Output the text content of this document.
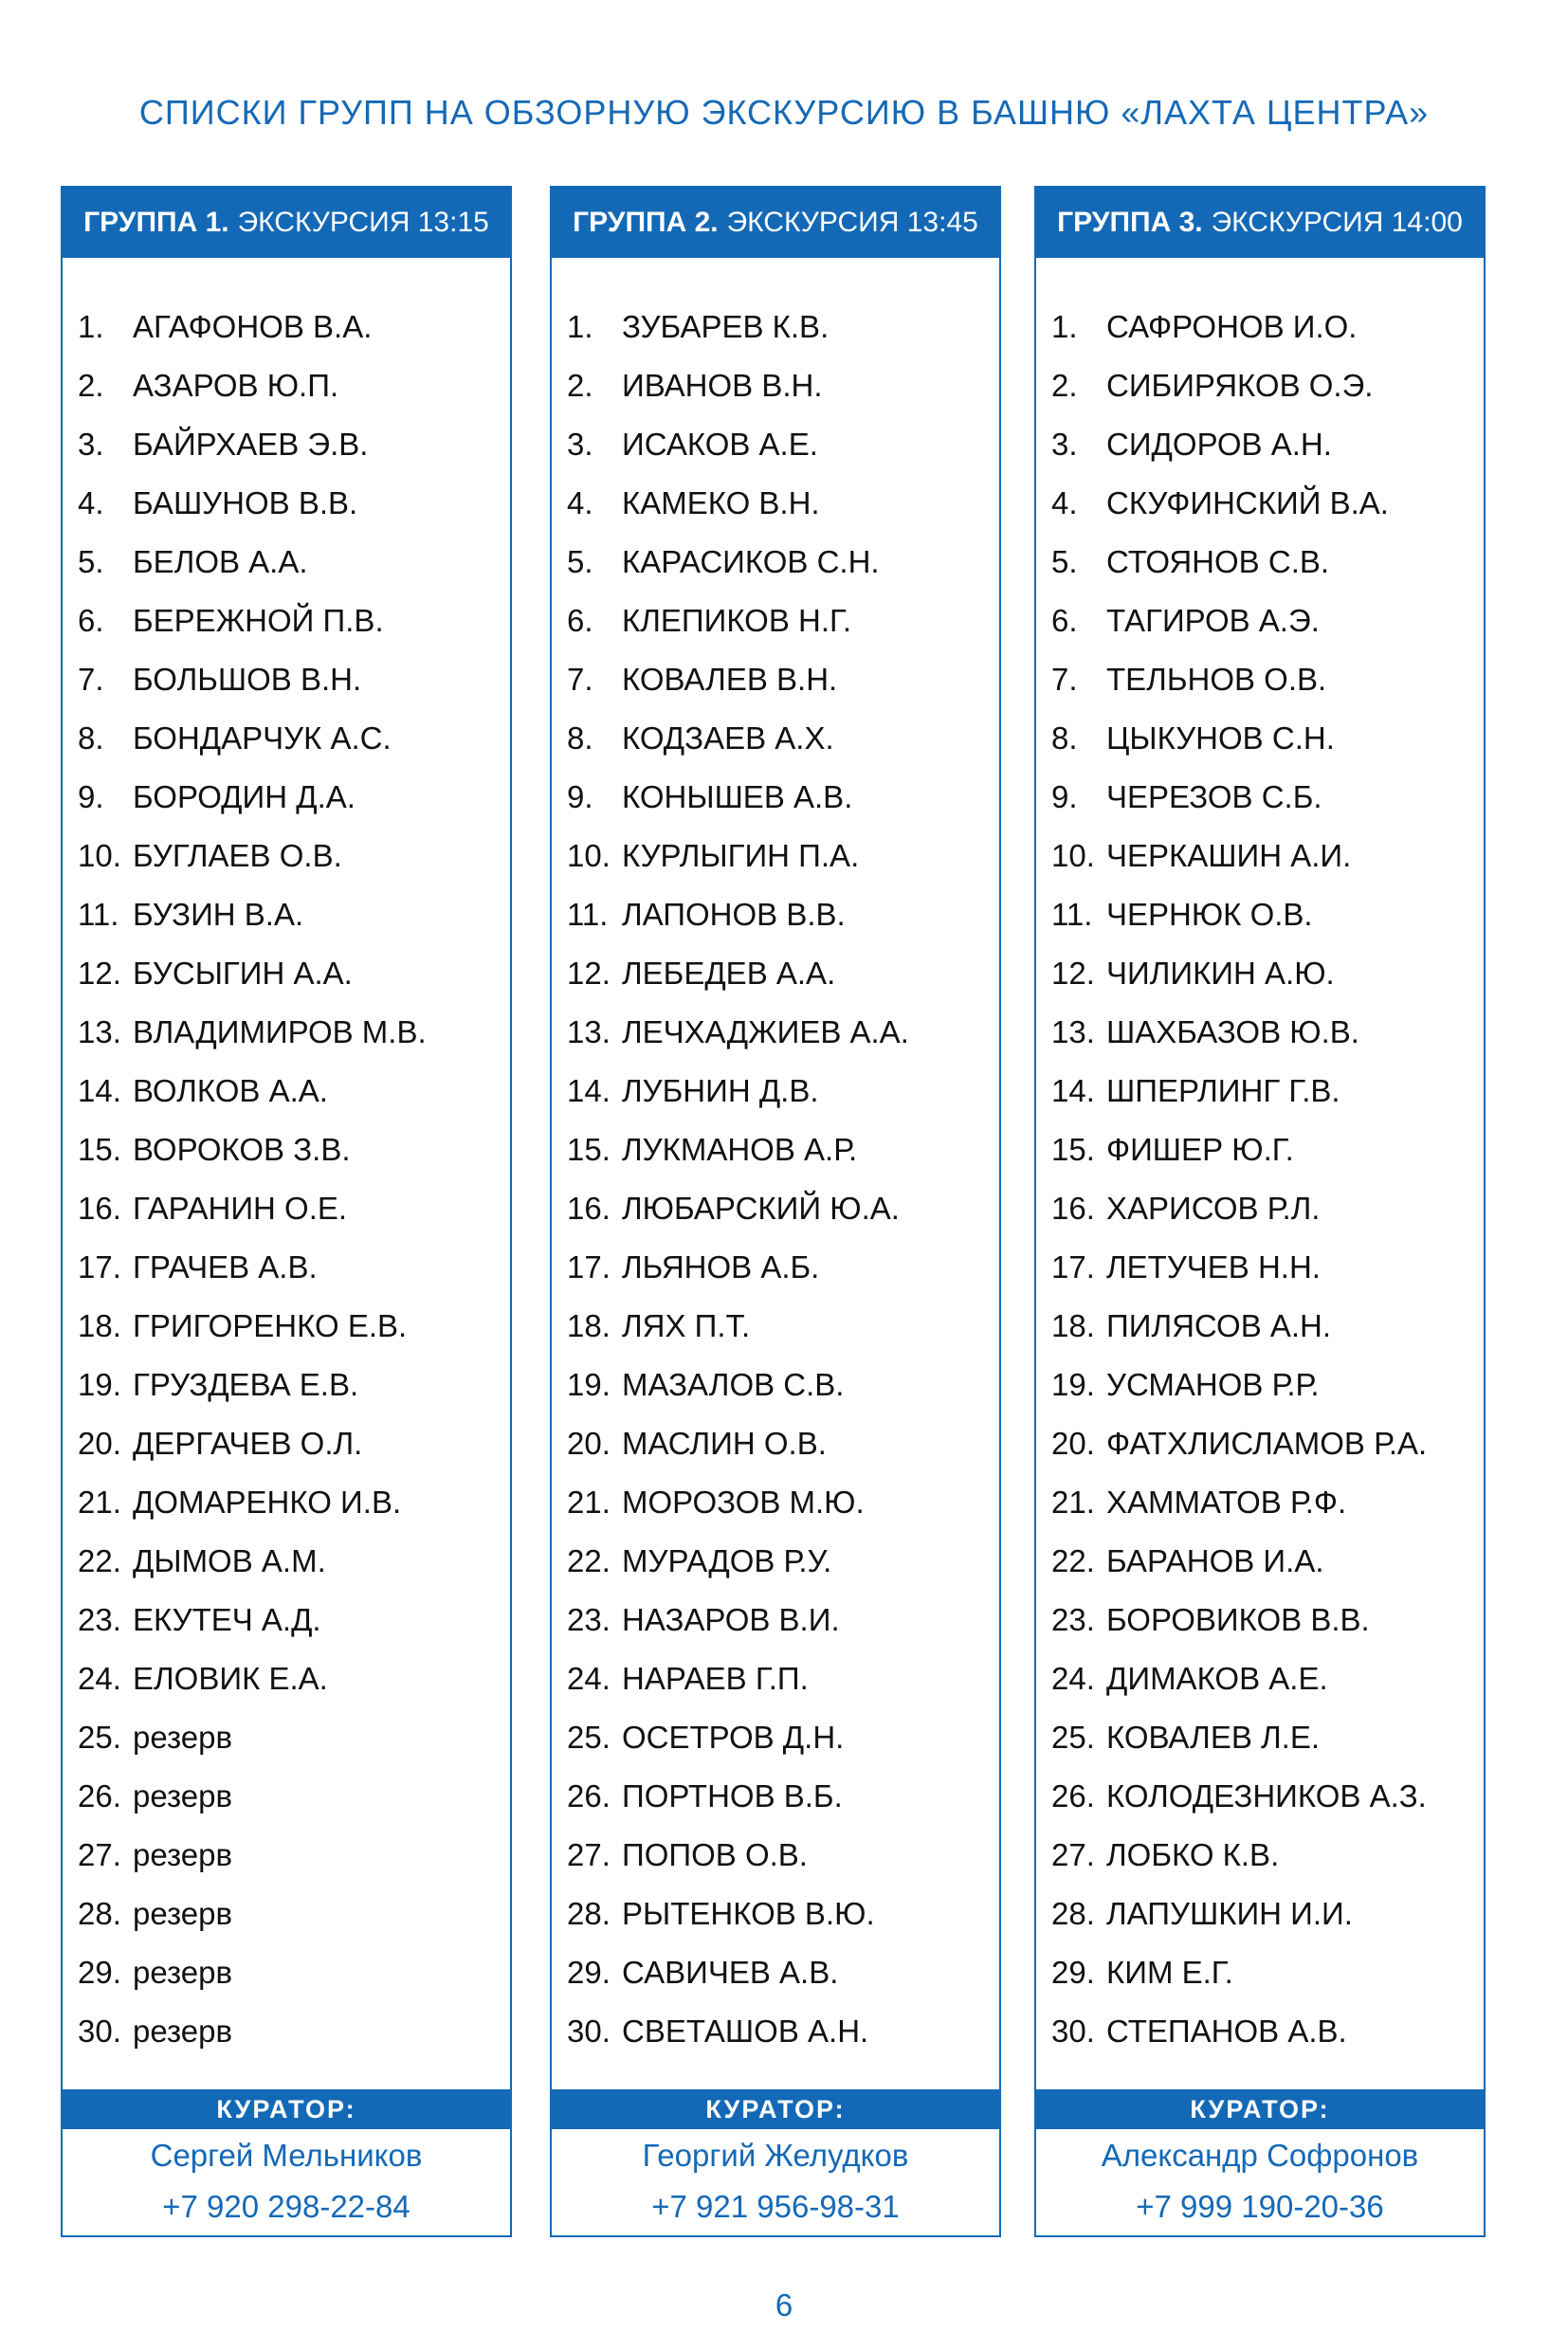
СПИСКИ ГРУПП НА ОБЗОРНУЮ ЭКСКУРСИЮ В БАШНЮ «ЛАХТА ЦЕНТРА»
ГРУППА 1. ЭКСКУРСИЯ 13:15
1. АГАФОНОВ В.А.
2. АЗАРОВ Ю.П.
3. БАЙРХАЕВ Э.В.
4. БАШУНОВ В.В.
5. БЕЛОВ А.А.
6. БЕРЕЖНОЙ П.В.
7. БОЛЬШОВ В.Н.
8. БОНДАРЧУК А.С.
9. БОРОДИН Д.А.
10. БУГЛАЕВ О.В.
11. БУЗИН В.А.
12. БУСЫГИН А.А.
13. ВЛАДИМИРОВ М.В.
14. ВОЛКОВ А.А.
15. ВОРОКОВ З.В.
16. ГАРАНИН О.Е.
17. ГРАЧЕВ А.В.
18. ГРИГОРЕНКО Е.В.
19. ГРУЗДЕВА Е.В.
20. ДЕРГАЧЕВ О.Л.
21. ДОМАРЕНКО И.В.
22. ДЫМОВ А.М.
23. ЕКУТЕЧ А.Д.
24. ЕЛОВИК Е.А.
25. резерв
26. резерв
27. резерв
28. резерв
29. резерв
30. резерв
КУРАТОР:
Сергей Мельников
+7 920 298-22-84
ГРУППА 2. ЭКСКУРСИЯ 13:45
1. ЗУБАРЕВ К.В.
2. ИВАНОВ В.Н.
3. ИСАКОВ А.Е.
4. КАМЕКО В.Н.
5. КАРАСИКОВ С.Н.
6. КЛЕПИКОВ Н.Г.
7. КОВАЛЕВ В.Н.
8. КОДЗАЕВ А.Х.
9. КОНЫШЕВ А.В.
10. КУРЛЫГИН П.А.
11. ЛАПОНОВ В.В.
12. ЛЕБЕДЕВ А.А.
13. ЛЕЧХАДЖИЕВ А.А.
14. ЛУБНИН Д.В.
15. ЛУКМАНОВ А.Р.
16. ЛЮБАРСКИЙ Ю.А.
17. ЛЬЯНОВ А.Б.
18. ЛЯХ П.Т.
19. МАЗАЛОВ С.В.
20. МАСЛИН О.В.
21. МОРОЗОВ М.Ю.
22. МУРАДОВ Р.У.
23. НАЗАРОВ В.И.
24. НАРАЕВ Г.П.
25. ОСЕТРОВ Д.Н.
26. ПОРТНОВ В.Б.
27. ПОПОВ О.В.
28. РЫТЕНКОВ В.Ю.
29. САВИЧЕВ А.В.
30. СВЕТАШОВ А.Н.
КУРАТОР:
Георгий Желудков
+7 921 956-98-31
ГРУППА 3. ЭКСКУРСИЯ 14:00
1. САФРОНОВ И.О.
2. СИБИРЯКОВ О.Э.
3. СИДОРОВ А.Н.
4. СКУФИНСКИЙ В.А.
5. СТОЯНОВ С.В.
6. ТАГИРОВ А.Э.
7. ТЕЛЬНОВ О.В.
8. ЦЫКУНОВ С.Н.
9. ЧЕРЕЗОВ С.Б.
10. ЧЕРКАШИН А.И.
11. ЧЕРНЮК О.В.
12. ЧИЛИКИН А.Ю.
13. ШАХБАЗОВ Ю.В.
14. ШПЕРЛИНГ Г.В.
15. ФИШЕР Ю.Г.
16. ХАРИСОВ Р.Л.
17. ЛЕТУЧЕВ Н.Н.
18. ПИЛЯСОВ А.Н.
19. УСМАНОВ Р.Р.
20. ФАТХЛИСЛАМОВ Р.А.
21. ХАММАТОВ Р.Ф.
22. БАРАНОВ И.А.
23. БОРОВИКОВ В.В.
24. ДИМАКОВ А.Е.
25. КОВАЛЕВ Л.Е.
26. КОЛОДЕЗНИКОВ А.З.
27. ЛОБКО К.В.
28. ЛАПУШКИН И.И.
29. КИМ Е.Г.
30. СТЕПАНОВ А.В.
КУРАТОР:
Александр Софронов
+7 999 190-20-36
6
